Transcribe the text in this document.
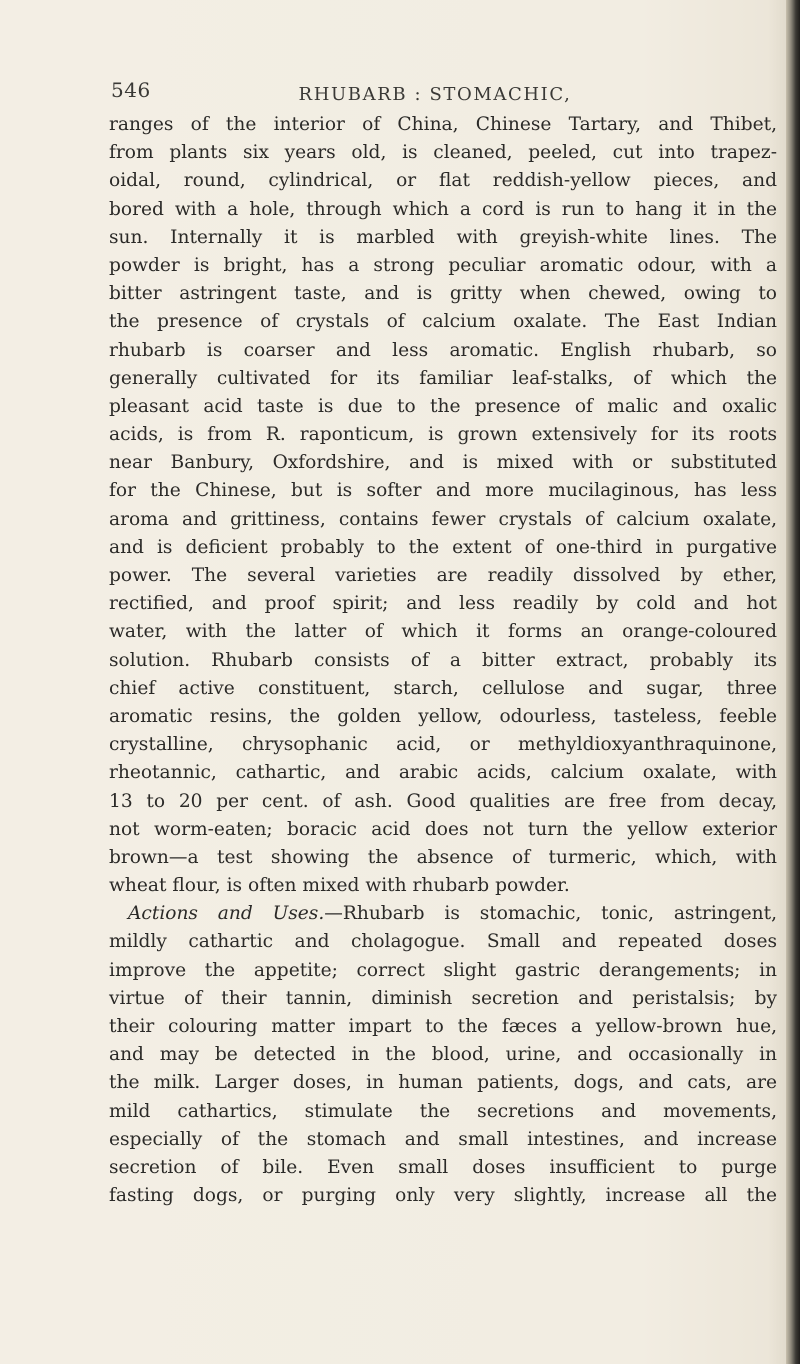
546	RHUBARB : STOMACHIC,
ranges of the interior of China, Chinese Tartary, and Thibet,
from plants six years old, is cleaned, peeled, cut into trapez-
oidal, round, cylindrical, or flat reddish-yellow pieces, and
bored with a hole, through which a cord is run to hang it in the
sun. Internally it is marbled with greyish-white lines. The
powder is bright, has a strong peculiar aromatic odour, with a
bitter astringent taste, and is gritty when chewed, owing to
the presence of crystals of calcium oxalate. The East Indian
rhubarb is coarser and less aromatic. English rhubarb, so
generally cultivated for its familiar leaf-stalks, of which the
pleasant acid taste is due to the presence of malic and oxalic
acids, is from R. raponticum, is grown extensively for its roots
near Banbury, Oxfordshire, and is mixed with or substituted
for the Chinese, but is softer and more mucilaginous, has less
aroma and grittiness, contains fewer crystals of calcium oxalate,
and is deficient probably to the extent of one-third in purgative
power. The several varieties are readily dissolved by ether,
rectified, and proof spirit; and less readily by cold and hot
water, with the latter of which it forms an orange-coloured
solution. Rhubarb consists of a bitter extract, probably its
chief active constituent, starch, cellulose and sugar, three
aromatic resins, the golden yellow, odourless, tasteless, feeble
crystalline, chrysophanic acid, or methyldioxyanthraquinone,
rheotannic, cathartic, and arabic acids, calcium oxalate, with
13 to 20 per cent. of ash. Good qualities are free from decay,
not worm-eaten; boracic acid does not turn the yellow exterior
brown—a test showing the absence of turmeric, which, with
wheat flour, is often mixed with rhubarb powder.
Actions and Uses.—Rhubarb is stomachic, tonic, astringent,
mildly cathartic and cholagogue. Small and repeated doses
improve the appetite; correct slight gastric derangements; in
virtue of their tannin, diminish secretion and peristalsis; by
their colouring matter impart to the fæces a yellow-brown hue,
and may be detected in the blood, urine, and occasionally in
the milk. Larger doses, in human patients, dogs, and cats, are
mild cathartics, stimulate the secretions and movements,
especially of the stomach and small intestines, and increase
secretion of bile. Even small doses insufficient to purge
fasting dogs, or purging only very slightly, increase all the
